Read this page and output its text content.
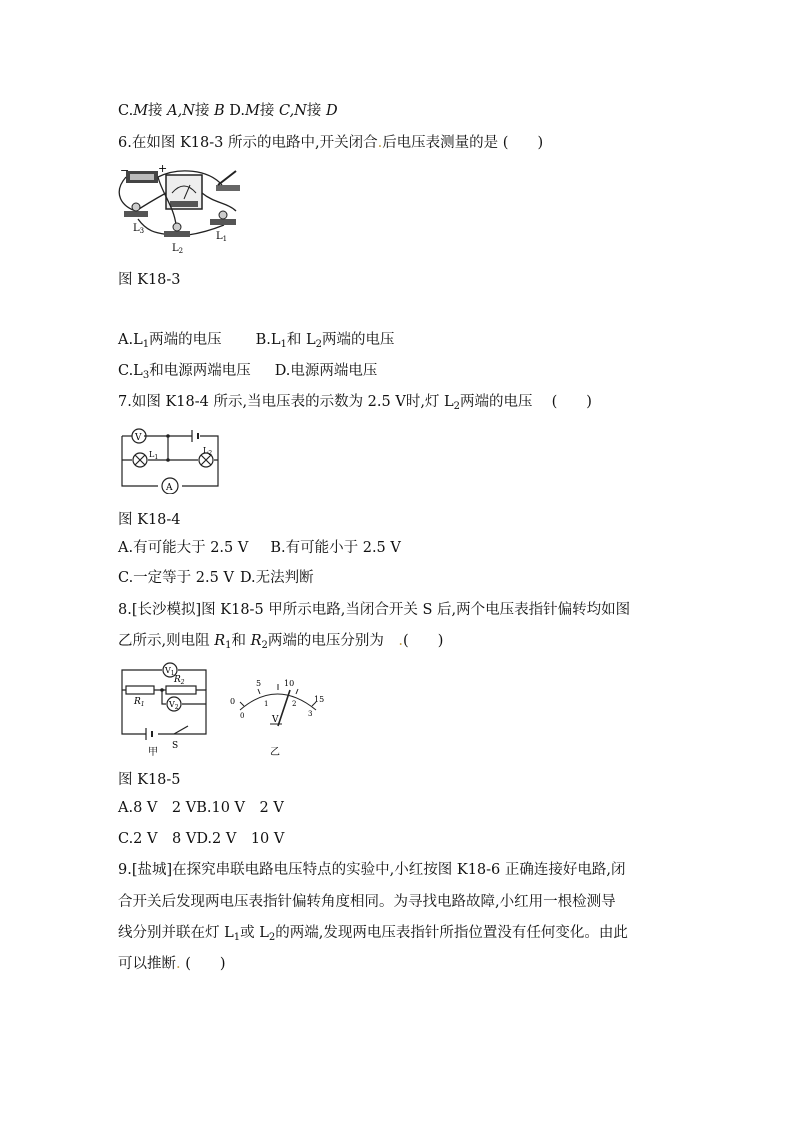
C.M接 A,N接 B D.M接 C,N接 D
6.在如图 K18-3 所示的电路中,开关闭合.后电压表测量的是 (　　)
−	+
$L_3$
$L_2$
$L_1$
图 K18-3
$A.L_1$两端的电压 $B.L_1$和 $L_2$两端的电压
$C.L_3$和电源两端电压 D.电源两端电压
7.如图 K18-4 所示,当电压表的示数为 2.5 V时,灯 $L_2$两端的电压　 (　　)
V
A
$L_1$
$L_2$
图 K18-4
A.有可能大于 2.5 V B.有可能小于 2.5 V
C.一定等于 2.5 V D.无法判断
8.[长沙模拟]图 K18-5 甲所示电路,当闭合开关 S 后,两个电压表指针偏转均如图
乙所示,则电阻 $R_1$和 $R_2$两端的电压分别为　.(　　)
$V_1$
$V_2$
$R_1$
$R_2$
S
甲
0
5	10
15
0
1	2
3
V
乙
图 K18-5
A.8 V　2 VB.10 V　2 V
C.2 V　8 VD.2 V　10 V
9.[盐城]在探究串联电路电压特点的实验中,小红按图 K18-6 正确连接好电路,闭
合开关后发现两电压表指针偏转角度相同。为寻找电路故障,小红用一根检测导
线分别并联在灯 $L_1$或 $L_2$的两端,发现两电压表指针所指位置没有任何变化。由此
可以推断. (　　)
